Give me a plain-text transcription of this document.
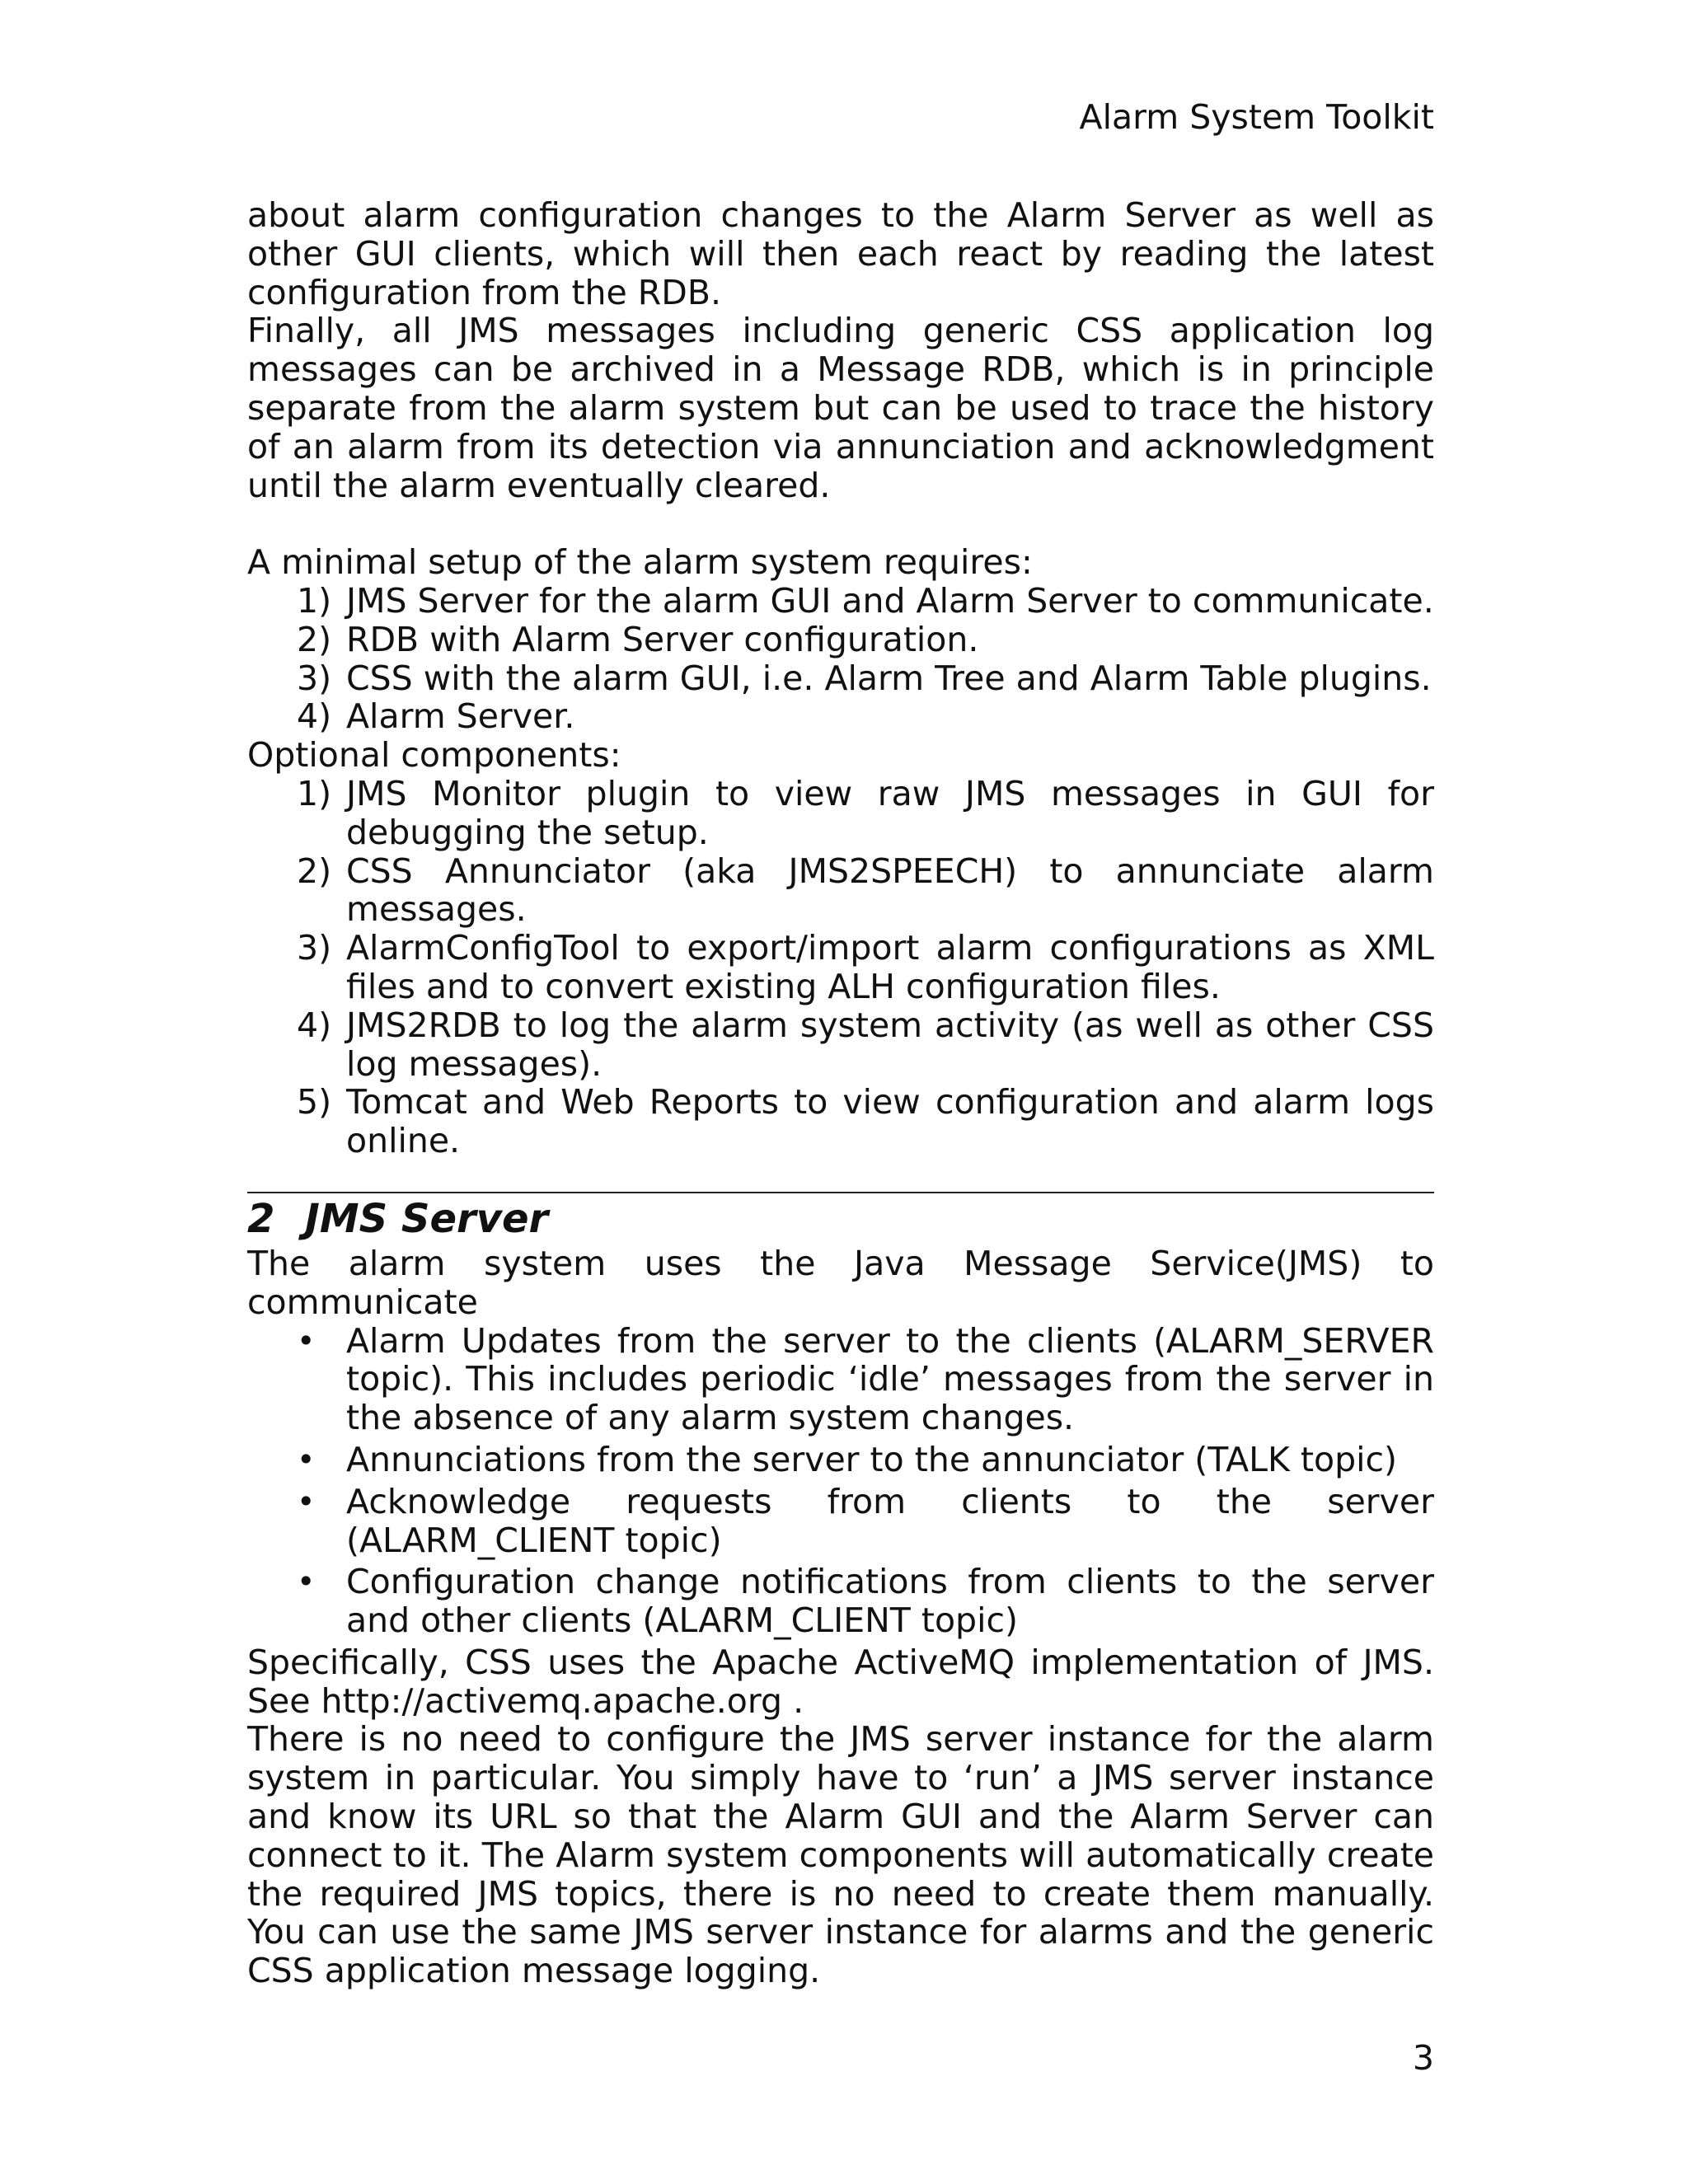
Alarm System Toolkit

about alarm configuration changes to the Alarm Server as well as other GUI clients, which will then each react by reading the latest configuration from the RDB.

Finally, all JMS messages including generic CSS application log messages can be archived in a Message RDB, which is in principle separate from the alarm system but can be used to trace the history of an alarm from its detection via annunciation and acknowledgment until the alarm eventually cleared.

A minimal setup of the alarm system requires:

1) JMS Server for the alarm GUI and Alarm Server to communicate.
2) RDB with Alarm Server configuration.
3) CSS with the alarm GUI, i.e. Alarm Tree and Alarm Table plugins.
4) Alarm Server.

Optional components:

1) JMS Monitor plugin to view raw JMS messages in GUI for debugging the setup.
2) CSS Annunciator (aka JMS2SPEECH) to annunciate alarm messages.
3) AlarmConfigTool to export/import alarm configurations as XML files and to convert existing ALH configuration files.
4) JMS2RDB to log the alarm system activity (as well as other CSS log messages).
5) Tomcat and Web Reports to view configuration and alarm logs online.
2 JMS Server

The alarm system uses the Java Message Service(JMS) to communicate

• Alarm Updates from the server to the clients (ALARM_SERVER topic). This includes periodic ‘idle’ messages from the server in the absence of any alarm system changes.
• Annunciations from the server to the annunciator (TALK topic)
• Acknowledge requests from clients to the server (ALARM_CLIENT topic)
• Configuration change notifications from clients to the server and other clients (ALARM_CLIENT topic)

Specifically, CSS uses the Apache ActiveMQ implementation of JMS. See http://activemq.apache.org .

There is no need to configure the JMS server instance for the alarm system in particular. You simply have to ‘run’ a JMS server instance and know its URL so that the Alarm GUI and the Alarm Server can connect to it. The Alarm system components will automatically create the required JMS topics, there is no need to create them manually. You can use the same JMS server instance for alarms and the generic CSS application message logging.

3
